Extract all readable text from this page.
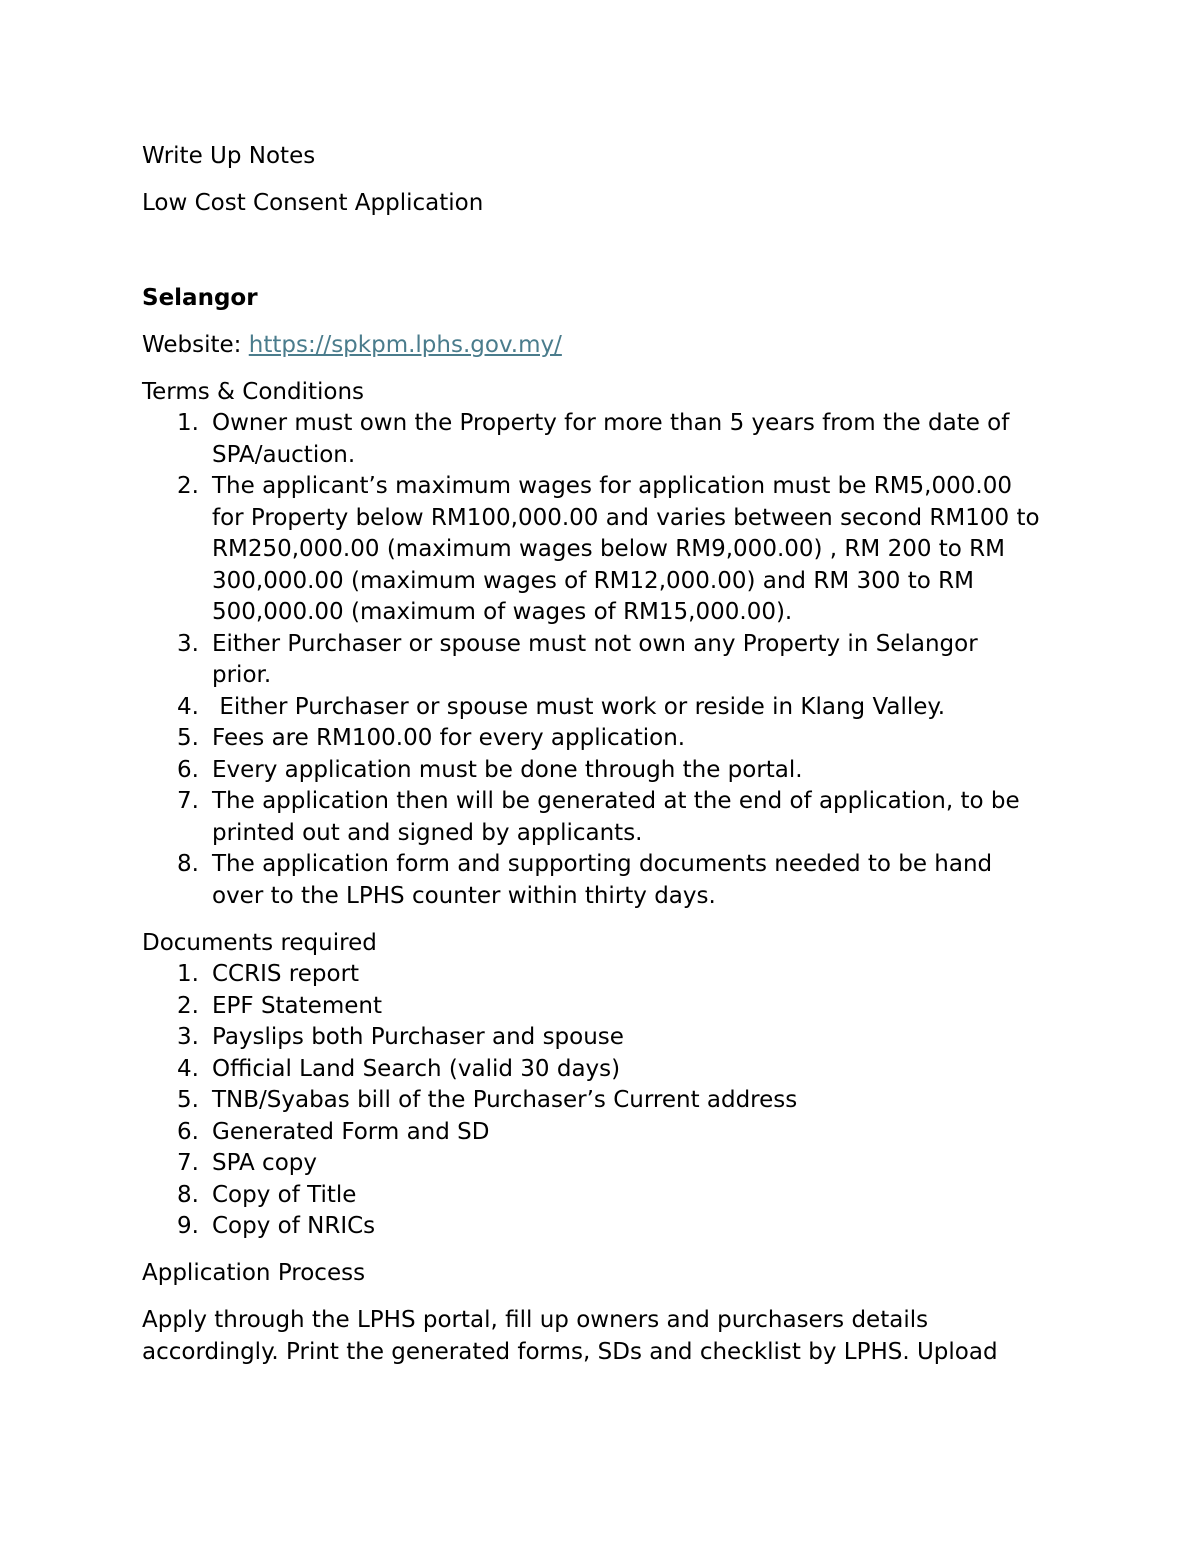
Write Up Notes
Low Cost Consent Application
Selangor
Website: https://spkpm.lphs.gov.my/
Terms & Conditions
1. Owner must own the Property for more than 5 years from the date of
SPA/auction.
2. The applicant’s maximum wages for application must be RM5,000.00
for Property below RM100,000.00 and varies between second RM100 to
RM250,000.00 (maximum wages below RM9,000.00) , RM 200 to RM
300,000.00 (maximum wages of RM12,000.00) and RM 300 to RM
500,000.00 (maximum of wages of RM15,000.00).
3. Either Purchaser or spouse must not own any Property in Selangor
prior.
4. Either Purchaser or spouse must work or reside in Klang Valley.
5. Fees are RM100.00 for every application.
6. Every application must be done through the portal.
7. The application then will be generated at the end of application, to be
printed out and signed by applicants.
8. The application form and supporting documents needed to be hand
over to the LPHS counter within thirty days.
Documents required
1. CCRIS report
2. EPF Statement
3. Payslips both Purchaser and spouse
4. Official Land Search (valid 30 days)
5. TNB/Syabas bill of the Purchaser’s Current address
6. Generated Form and SD
7. SPA copy
8. Copy of Title
9. Copy of NRICs
Application Process
Apply through the LPHS portal, fill up owners and purchasers details
accordingly. Print the generated forms, SDs and checklist by LPHS. Upload
